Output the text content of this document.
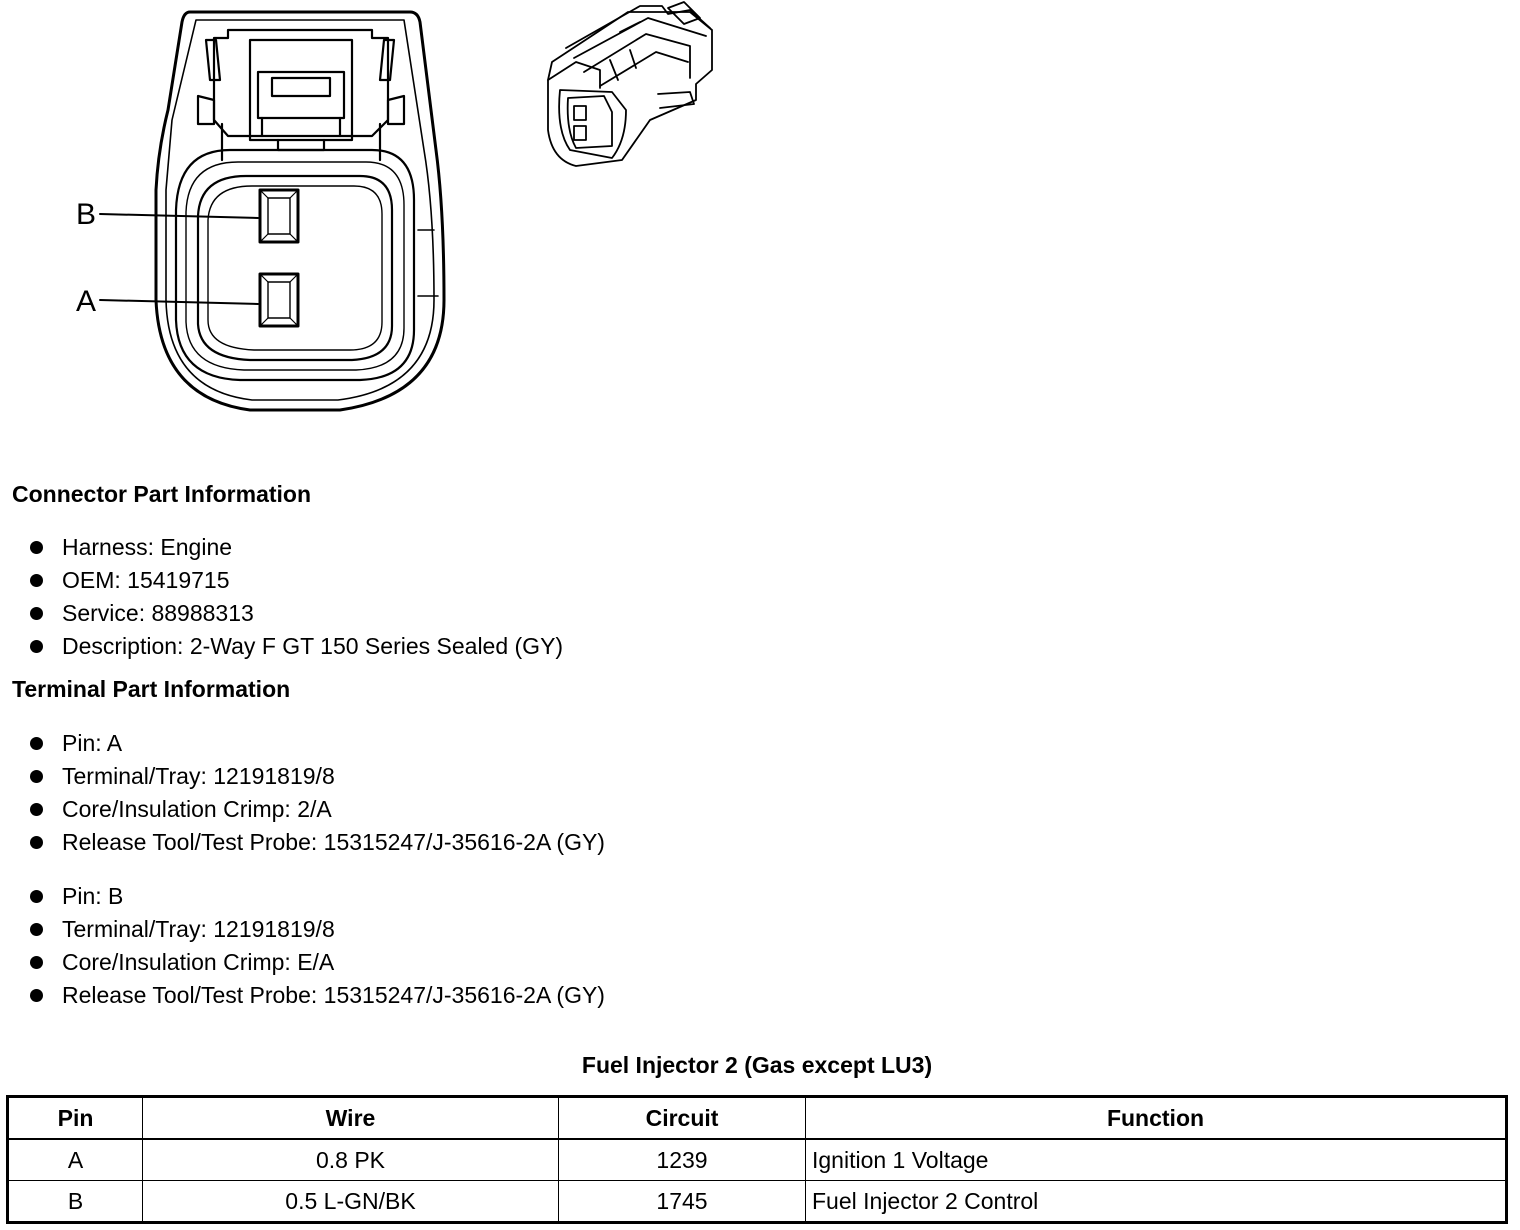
B
A
Connector Part Information
Harness: Engine
OEM: 15419715
Service: 88988313
Description: 2-Way F GT 150 Series Sealed (GY)
Terminal Part Information
Pin: A
Terminal/Tray: 12191819/8
Core/Insulation Crimp: 2/A
Release Tool/Test Probe: 15315247/J-35616-2A (GY)
Pin: B
Terminal/Tray: 12191819/8
Core/Insulation Crimp: E/A
Release Tool/Test Probe: 15315247/J-35616-2A (GY)
Fuel Injector 2 (Gas except LU3)
Pin	Wire	Circuit	Function
A	0.8 PK	1239	Ignition 1 Voltage
B	0.5 L-GN/BK	1745	Fuel Injector 2 Control
